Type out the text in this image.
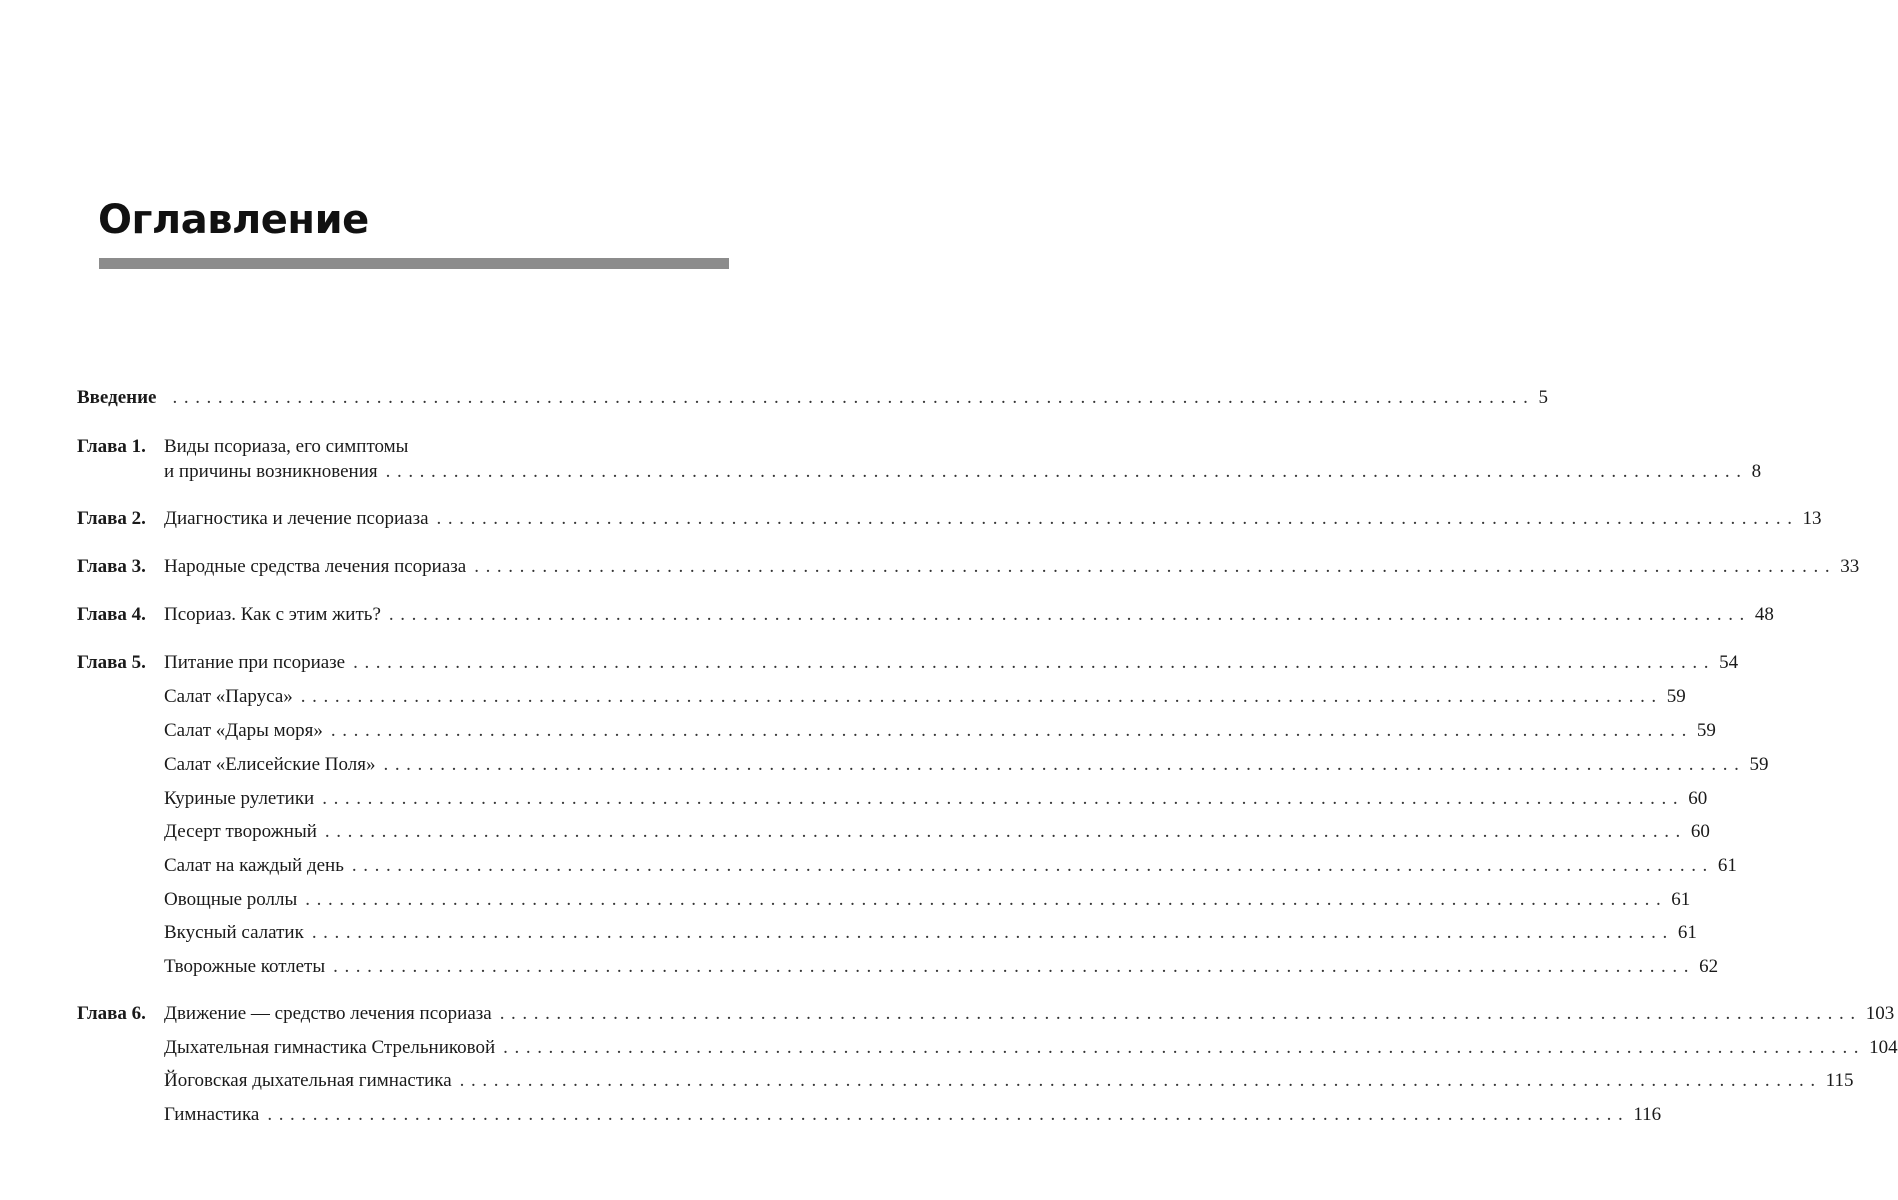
Оглавление
Введение ........................................................................................................................ 5
Глава 1. Виды псориаза, его симптомы
и причины возникновения ........................................................................................................................ 8
Глава 2. Диагностика и лечение псориаза ........................................................................................................................ 13
Глава 3. Народные средства лечения псориаза ........................................................................................................................ 33
Глава 4. Псориаз. Как с этим жить? ........................................................................................................................ 48
Глава 5. Питание при псориазе ........................................................................................................................ 54
Салат «Паруса» ........................................................................................................................ 59
Салат «Дары моря» ........................................................................................................................ 59
Салат «Елисейские Поля» ........................................................................................................................ 59
Куриные рулетики ........................................................................................................................ 60
Десерт творожный ........................................................................................................................ 60
Салат на каждый день ........................................................................................................................ 61
Овощные роллы ........................................................................................................................ 61
Вкусный салатик ........................................................................................................................ 61
Творожные котлеты ........................................................................................................................ 62
Глава 6. Движение — средство лечения псориаза ........................................................................................................................ 103
Дыхательная гимнастика Стрельниковой ........................................................................................................................ 104
Йоговская дыхательная гимнастика ........................................................................................................................ 115
Гимнастика ........................................................................................................................ 116
